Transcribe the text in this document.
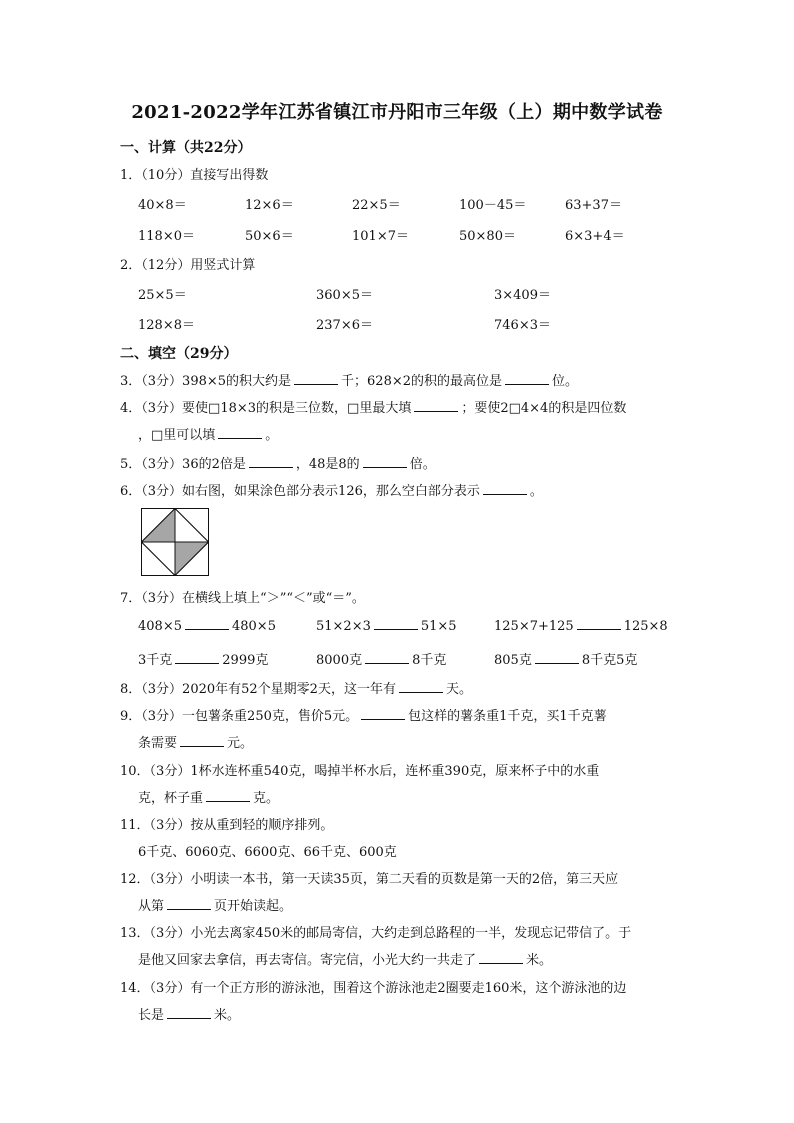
2021-2022学年江苏省镇江市丹阳市三年级（上）期中数学试卷
一、计算（共22分）
1．（10分）直接写出得数
40×8＝	12×6＝	22×5＝	100－45＝	63+37＝
118×0＝	50×6＝	101×7＝	50×80＝	6×3+4＝
2．（12分）用竖式计算
25×5＝	360×5＝	3×409＝
128×8＝	237×6＝	746×3＝
二、填空（29分）
3．（3分）398×5的积大约是	千；628×2的积的最高位是	位。
4．（3分）要使□18×3的积是三位数，□里最大填	；要使2□4×4的积是四位数
，□里可以填	。
5．（3分）36的2倍是	，48是8的	倍。
6．（3分）如右图，如果涂色部分表示126，那么空白部分表示	。
7．（3分）在横线上填上“＞”“＜”或“＝”。
408×5	480×5	51×2×3	51×5	125×7+125	125×8
3千克	2999克	8000克	8千克	805克	8千克5克
8．（3分）2020年有52个星期零2天，这一年有	天。
9．（3分）一包薯条重250克，售价5元。	包这样的薯条重1千克，买1千克薯
条需要	元。
10．（3分）1杯水连杯重540克，喝掉半杯水后，连杯重390克，原来杯子中的水重
克，杯子重	克。
11．（3分）按从重到轻的顺序排列。
6千克、6060克、6600克、66千克、600克
12．（3分）小明读一本书，第一天读35页，第二天看的页数是第一天的2倍，第三天应
从第	页开始读起。
13．（3分）小光去离家450米的邮局寄信，大约走到总路程的一半，发现忘记带信了。于
是他又回家去拿信，再去寄信。寄完信，小光大约一共走了	米。
14．（3分）有一个正方形的游泳池，围着这个游泳池走2圈要走160米，这个游泳池的边
长是	米。
